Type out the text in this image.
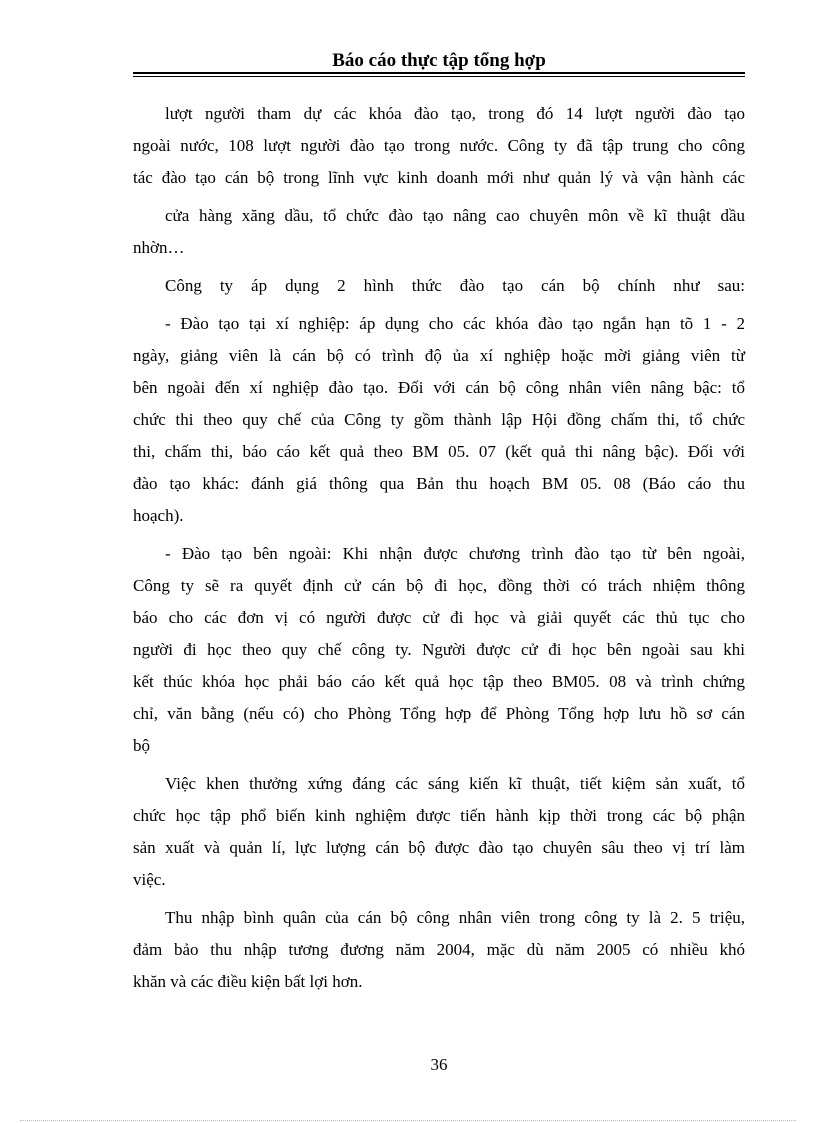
Báo cáo thực tập tổng hợp
lượt người tham dự các khóa đào tạo, trong đó 14 lượt người đào tạo
ngoài nước, 108 lượt người đào tạo trong nước. Công ty đã tập trung cho công
tác đào tạo cán bộ trong lĩnh vực kinh doanh mới như quản lý và vận hành các
cửa hàng xăng dầu, tổ chức đào tạo nâng cao chuyên môn về kĩ thuật dầu
nhờn…
Công ty áp dụng 2 hình thức đào tạo cán bộ chính như sau:
- Đào tạo tại xí nghiệp: áp dụng cho các khóa đào tạo ngắn hạn tõ 1 - 2
ngày, giảng viên là cán bộ có trình độ ủa xí nghiệp hoặc mời giảng viên từ
bên ngoài đến xí nghiệp đào tạo. Đối với cán bộ công nhân viên nâng bậc: tổ
chức thi theo quy chế của Công ty gồm thành lập Hội đồng chấm thi, tổ chức
thi, chấm thi, báo cáo kết quả theo BM 05. 07 (kết quả thi nâng bậc). Đối với
đào tạo khác: đánh giá thông qua Bản thu hoạch BM 05. 08 (Báo cáo thu
hoạch).
- Đào tạo bên ngoài: Khi nhận được chương trình đào tạo từ bên ngoài,
Công ty sẽ ra quyết định cử cán bộ đi học, đồng thời có trách nhiệm thông
báo cho các đơn vị có người được cử đi học và giải quyết các thủ tục cho
người đi học theo quy chế công ty. Người được cử đi học bên ngoài sau khi
kết thúc khóa học phải báo cáo kết quả học tập theo BM05. 08 và trình chứng
chỉ, văn bằng (nếu có) cho Phòng Tổng hợp để Phòng Tổng hợp lưu hồ sơ cán
bộ
Việc khen thưởng xứng đáng các sáng kiến kĩ thuật, tiết kiệm sản xuất, tổ
chức học tập phổ biến kinh nghiệm được tiến hành kịp thời trong các bộ phận
sản xuất và quản lí, lực lượng cán bộ được đào tạo chuyên sâu theo vị trí làm
việc.
Thu nhập bình quân của cán bộ công nhân viên trong công ty là 2. 5 triệu,
đảm bảo thu nhập tương đương năm 2004, mặc dù năm 2005 có nhiều khó
khăn và các điều kiện bất lợi hơn.
36
